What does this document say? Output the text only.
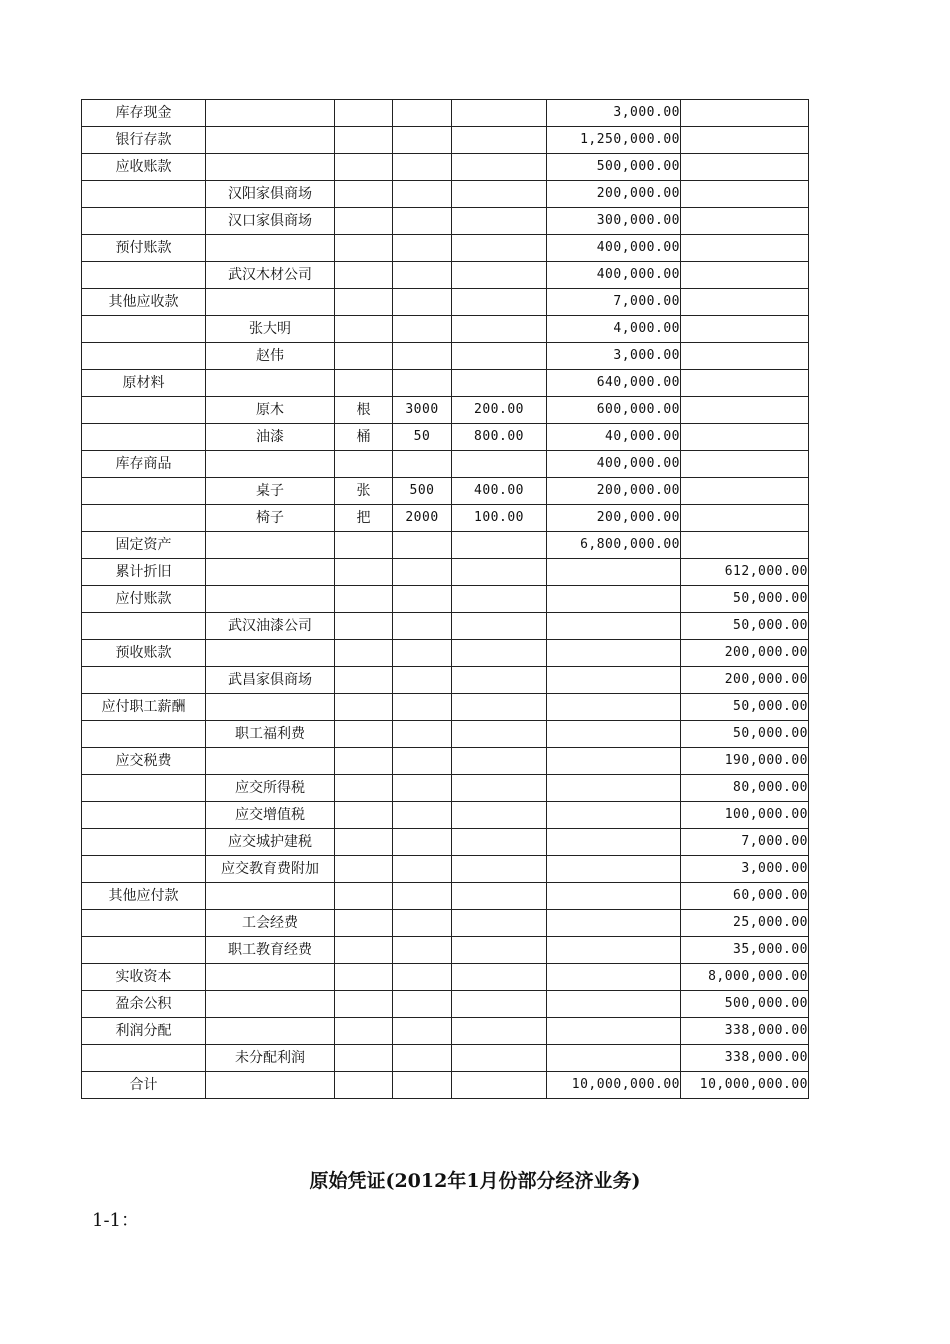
库存现金					3,000.00	
银行存款					1,250,000.00	
应收账款					500,000.00	
	汉阳家俱商场				200,000.00	
	汉口家俱商场				300,000.00	
预付账款					400,000.00	
	武汉木材公司				400,000.00	
其他应收款					7,000.00	
	张大明				4,000.00	
	赵伟				3,000.00	
原材料					640,000.00	
	原木	根	3000	200.00	600,000.00	
	油漆	桶	50	800.00	40,000.00	
库存商品					400,000.00	
	桌子	张	500	400.00	200,000.00	
	椅子	把	2000	100.00	200,000.00	
固定资产					6,800,000.00	
累计折旧						612,000.00
应付账款						50,000.00
	武汉油漆公司					50,000.00
预收账款						200,000.00
	武昌家俱商场					200,000.00
应付职工薪酬						50,000.00
	职工福利费					50,000.00
应交税费						190,000.00
	应交所得税					80,000.00
	应交增值税					100,000.00
	应交城护建税					7,000.00
	应交教育费附加					3,000.00
其他应付款						60,000.00
	工会经费					25,000.00
	职工教育经费					35,000.00
实收资本						8,000,000.00
盈余公积						500,000.00
利润分配						338,000.00
	未分配利润					338,000.00
合计					10,000,000.00	10,000,000.00
原始凭证(2012年1月份部分经济业务)
1-1：
